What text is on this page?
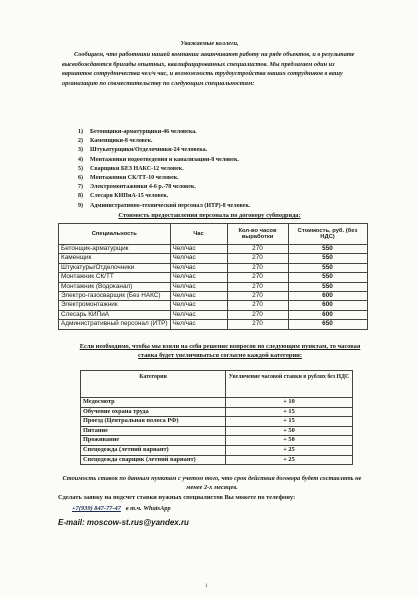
Уважаемые коллеги,
Сообщаем, что работники нашей компании заканчивают работу на ряде объектов, и в результате высвобождаются бригады опытных, квалифицированных специалистов. Мы предлагаем один из вариантов сотрудничества чел/ч час, и возможность трудоустройства наших сотрудников в вашу организацию по совместительству по следующим специальностям:
1) Бетонщики-арматурщики-46 человека.
2) Каменщики-8 человек.
3) Штукатурщики/Отделочники-24 человека.
4) Монтажники водоотведения и канализации-8 человек.
5) Сварщики БЕЗ НАКС-12 человек.
6) Монтажники СК/ТТ-10 человек.
7) Электромонтажники 4-6 р.-78 человек.
8) Слесаря КИПиА-15 человек.
9) Административно-технический персонал (ИТР)-8 человек.
Стоимость предоставления персонала по договору субподряда:
Специальность	Час	Кол-во часов выработки	Стоимость, руб. (без НДС)
Бетонщик-арматурщик	Чел/час	270	550
Каменщик	Чел/час	270	550
Штукатуры/Отделочники	Чел/час	270	550
Монтажник СК/ТТ	Чел/час	270	550
Монтажник (Водоканал)	Чел/час	270	550
Электро-газосварщик (Без НАКС)	Чел/час	270	600
Электромонтажник	Чел/час	270	600
Слесарь КИПиА	Чел/час	270	600
Административный персонал (ИТР)	Чел/час	270	650
Если необходимо, чтобы мы взяли на себя решение вопросов по следующим пунктам, то часовая ставка будет увеличиваться согласно каждой категории:
Категории	Увеличение часовой ставки в рублях без НДС
Медосмотр	+ 10
Обучение охрана труда	+ 15
Проезд (Центральная полоса РФ)	+ 15
Питание	+ 50
Проживание	+ 50
Спецодежда (летний вариант)	+ 25
Спецодежда сварщик (летний вариант)	+ 25
Стоимость ставок по данным пунктам с учетом того, что срок действия договора будет составлять не менее 2-х месяцев.
Сделать заявку на подсчет ставки нужных специалистов Вы можете по телефону:
+7(939) 847-77-47 в т.ч. WhatsApp
E-mail: moscow-st.rus@yandex.ru
1
